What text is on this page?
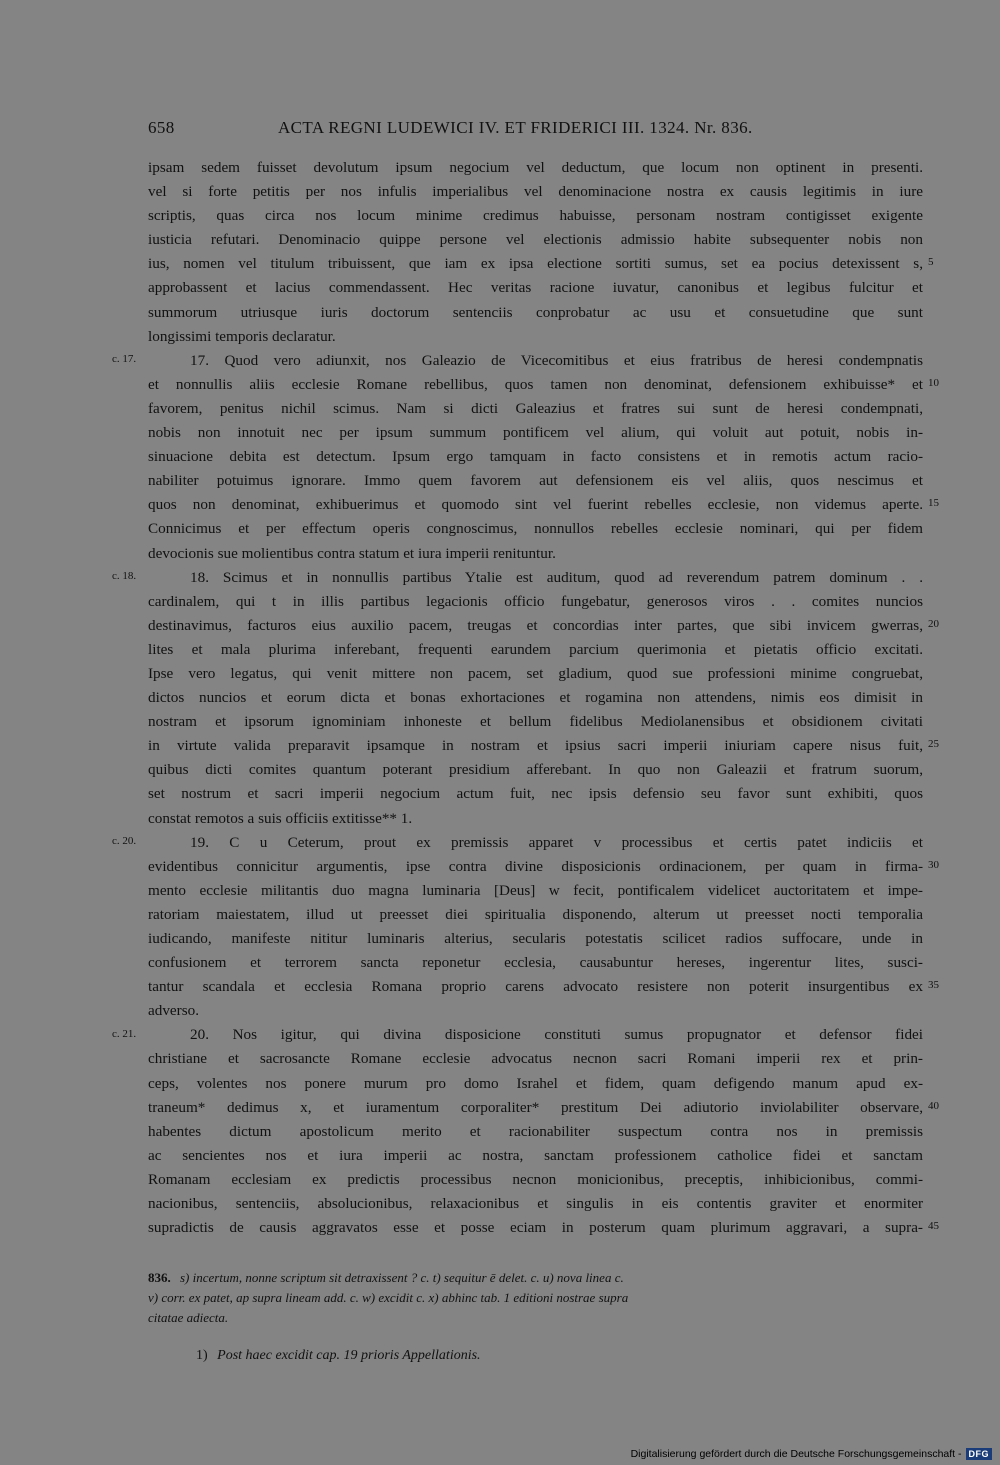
658	ACTA REGNI LUDEWICI IV. ET FRIDERICI III. 1324. Nr. 836.
ipsam sedem fuisset devolutum ipsum negocium vel deductum, que locum non optinent in presenti.
vel si forte petitis per nos infulis imperialibus vel denominacione nostra ex causis legitimis in iure
scriptis, quas circa nos locum minime credimus habuisse, personam nostram contigisset exigente
iusticia refutari. Denominacio quippe persone vel electionis admissio habite subsequenter nobis non
ius, nomen vel titulum tribuissent, que iam ex ipsa electione sortiti sumus, set ea pocius detexissent s,
approbassent et lacius commendassent. Hec veritas racione iuvatur, canonibus et legibus fulcitur et
summorum utriusque iuris doctorum sentenciis conprobatur ac usu et consuetudine que sunt
longissimi temporis declaratur.
17. Quod vero adiunxit, nos Galeazio de Vicecomitibus et eius fratribus de heresi condempnatis
et nonnullis aliis ecclesie Romane rebellibus, quos tamen non denominat, defensionem exhibuisse* et
favorem, penitus nichil scimus. Nam si dicti Galeazius et fratres sui sunt de heresi condempnati,
nobis non innotuit nec per ipsum summum pontificem vel alium, qui voluit aut potuit, nobis in-
sinuacione debita est detectum. Ipsum ergo tamquam in facto consistens et in remotis actum racio-
nabiliter potuimus ignorare. Immo quem favorem aut defensionem eis vel aliis, quos nescimus et
quos non denominat, exhibuerimus et quomodo sint vel fuerint rebelles ecclesie, non videmus aperte.
Connicimus et per effectum operis congnoscimus, nonnullos rebelles ecclesie nominari, qui per fidem
devocionis sue molientibus contra statum et iura imperii renituntur.
18. Scimus et in nonnullis partibus Ytalie est auditum, quod ad reverendum patrem dominum . .
cardinalem, qui t in illis partibus legacionis officio fungebatur, generosos viros . . comites nuncios
destinavimus, facturos eius auxilio pacem, treugas et concordias inter partes, que sibi invicem gwerras,
lites et mala plurima inferebant, frequenti earundem parcium querimonia et pietatis officio excitati.
Ipse vero legatus, qui venit mittere non pacem, set gladium, quod sue professioni minime congruebat,
dictos nuncios et eorum dicta et bonas exhortaciones et rogamina non attendens, nimis eos dimisit in
nostram et ipsorum ignominiam inhoneste et bellum fidelibus Mediolanensibus et obsidionem civitati
in virtute valida preparavit ipsamque in nostram et ipsius sacri imperii iniuriam capere nisus fuit,
quibus dicti comites quantum poterant presidium afferebant. In quo non Galeazii et fratrum suorum,
set nostrum et sacri imperii negocium actum fuit, nec ipsis defensio seu favor sunt exhibiti, quos
constat remotos a suis officiis extitisse** 1.
19. C u Ceterum, prout ex premissis apparet v processibus et certis patet indiciis et
evidentibus connicitur argumentis, ipse contra divine disposicionis ordinacionem, per quam in firma-
mento ecclesie militantis duo magna luminaria [Deus] w fecit, pontificalem videlicet auctoritatem et impe-
ratoriam maiestatem, illud ut preesset diei spiritualia disponendo, alterum ut preesset nocti temporalia
iudicando, manifeste nititur luminaris alterius, secularis potestatis scilicet radios suffocare, unde in
confusionem et terrorem sancta reponetur ecclesia, causabuntur hereses, ingerentur lites, susci-
tantur scandala et ecclesia Romana proprio carens advocato resistere non poterit insurgentibus ex
adverso.
20. Nos igitur, qui divina disposicione constituti sumus propugnator et defensor fidei
christiane et sacrosancte Romane ecclesie advocatus necnon sacri Romani imperii rex et prin-
ceps, volentes nos ponere murum pro domo Israhel et fidem, quam defigendo manum apud ex-
traneum* dedimus x, et iuramentum corporaliter* prestitum Dei adiutorio inviolabiliter observare,
habentes dictum apostolicum merito et racionabiliter suspectum contra nos in premissis
ac sencientes nos et iura imperii ac nostra, sanctam professionem catholice fidei et sanctam
Romanam ecclesiam ex predictis processibus necnon monicionibus, preceptis, inhibicionibus, commi-
nacionibus, sentenciis, absolucionibus, relaxacionibus et singulis in eis contentis graviter et enormiter
supradictis de causis aggravatos esse et posse eciam in posterum quam plurimum aggravari, a supra-
c. 17.
c. 18.
c. 20.
c. 21.
5
10
15
20
25
30
35
40
45
836. s) incertum, nonne scriptum sit detraxissent ? c. t) sequitur ē delet. c. u) nova linea c.
v) corr. ex patet, ap supra lineam add. c. w) excidit c. x) abhinc tab. 1 editioni nostrae supra
citatae adiecta.
1) Post haec excidit cap. 19 prioris Appellationis.
Digitalisierung gefördert durch die Deutsche Forschungsgemeinschaft - DFG
